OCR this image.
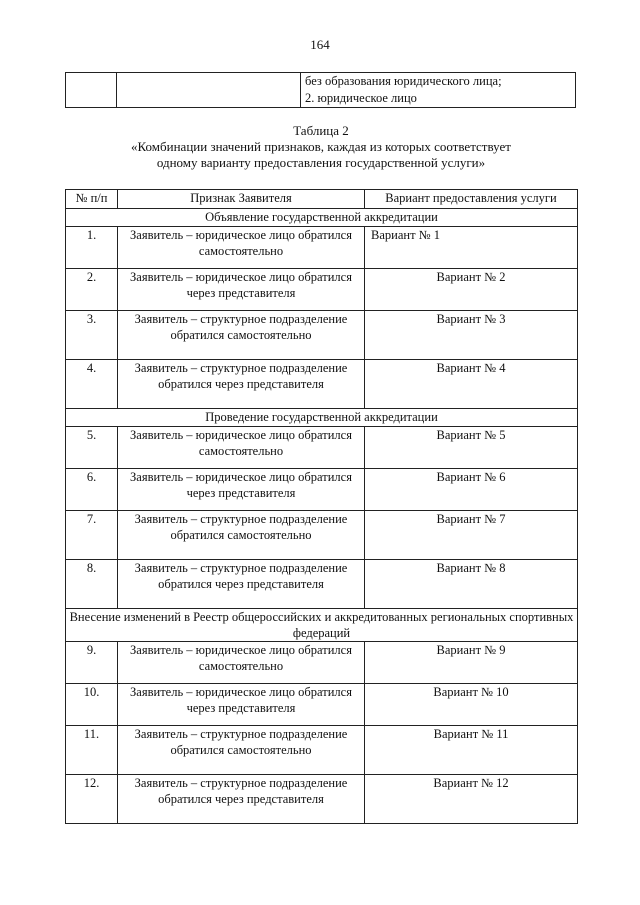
164

без образования юридического лица;
2. юридическое лицо
Таблица 2
«Комбинации значений признаков, каждая из которых соответствует
одному варианту предоставления государственной услуги»
№ п/п	Признак Заявителя	Вариант предоставления услуги
Объявление государственной аккредитации		
1.	Заявитель – юридическое лицо обратился самостоятельно	Вариант № 1
2.	Заявитель – юридическое лицо обратился через представителя	Вариант № 2
3.	Заявитель – структурное подразделение обратился самостоятельно	Вариант № 3
4.	Заявитель – структурное подразделение обратился через представителя	Вариант № 4
Проведение государственной аккредитации		
5.	Заявитель – юридическое лицо обратился самостоятельно	Вариант № 5
6.	Заявитель – юридическое лицо обратился через представителя	Вариант № 6
7.	Заявитель – структурное подразделение обратился самостоятельно	Вариант № 7
8.	Заявитель – структурное подразделение обратился через представителя	Вариант № 8
Внесение изменений в Реестр общероссийских и аккредитованных региональных спортивных федераций		
9.	Заявитель – юридическое лицо обратился самостоятельно	Вариант № 9
10.	Заявитель – юридическое лицо обратился через представителя	Вариант № 10
11.	Заявитель – структурное подразделение обратился самостоятельно	Вариант № 11
12.	Заявитель – структурное подразделение обратился через представителя	Вариант № 12
